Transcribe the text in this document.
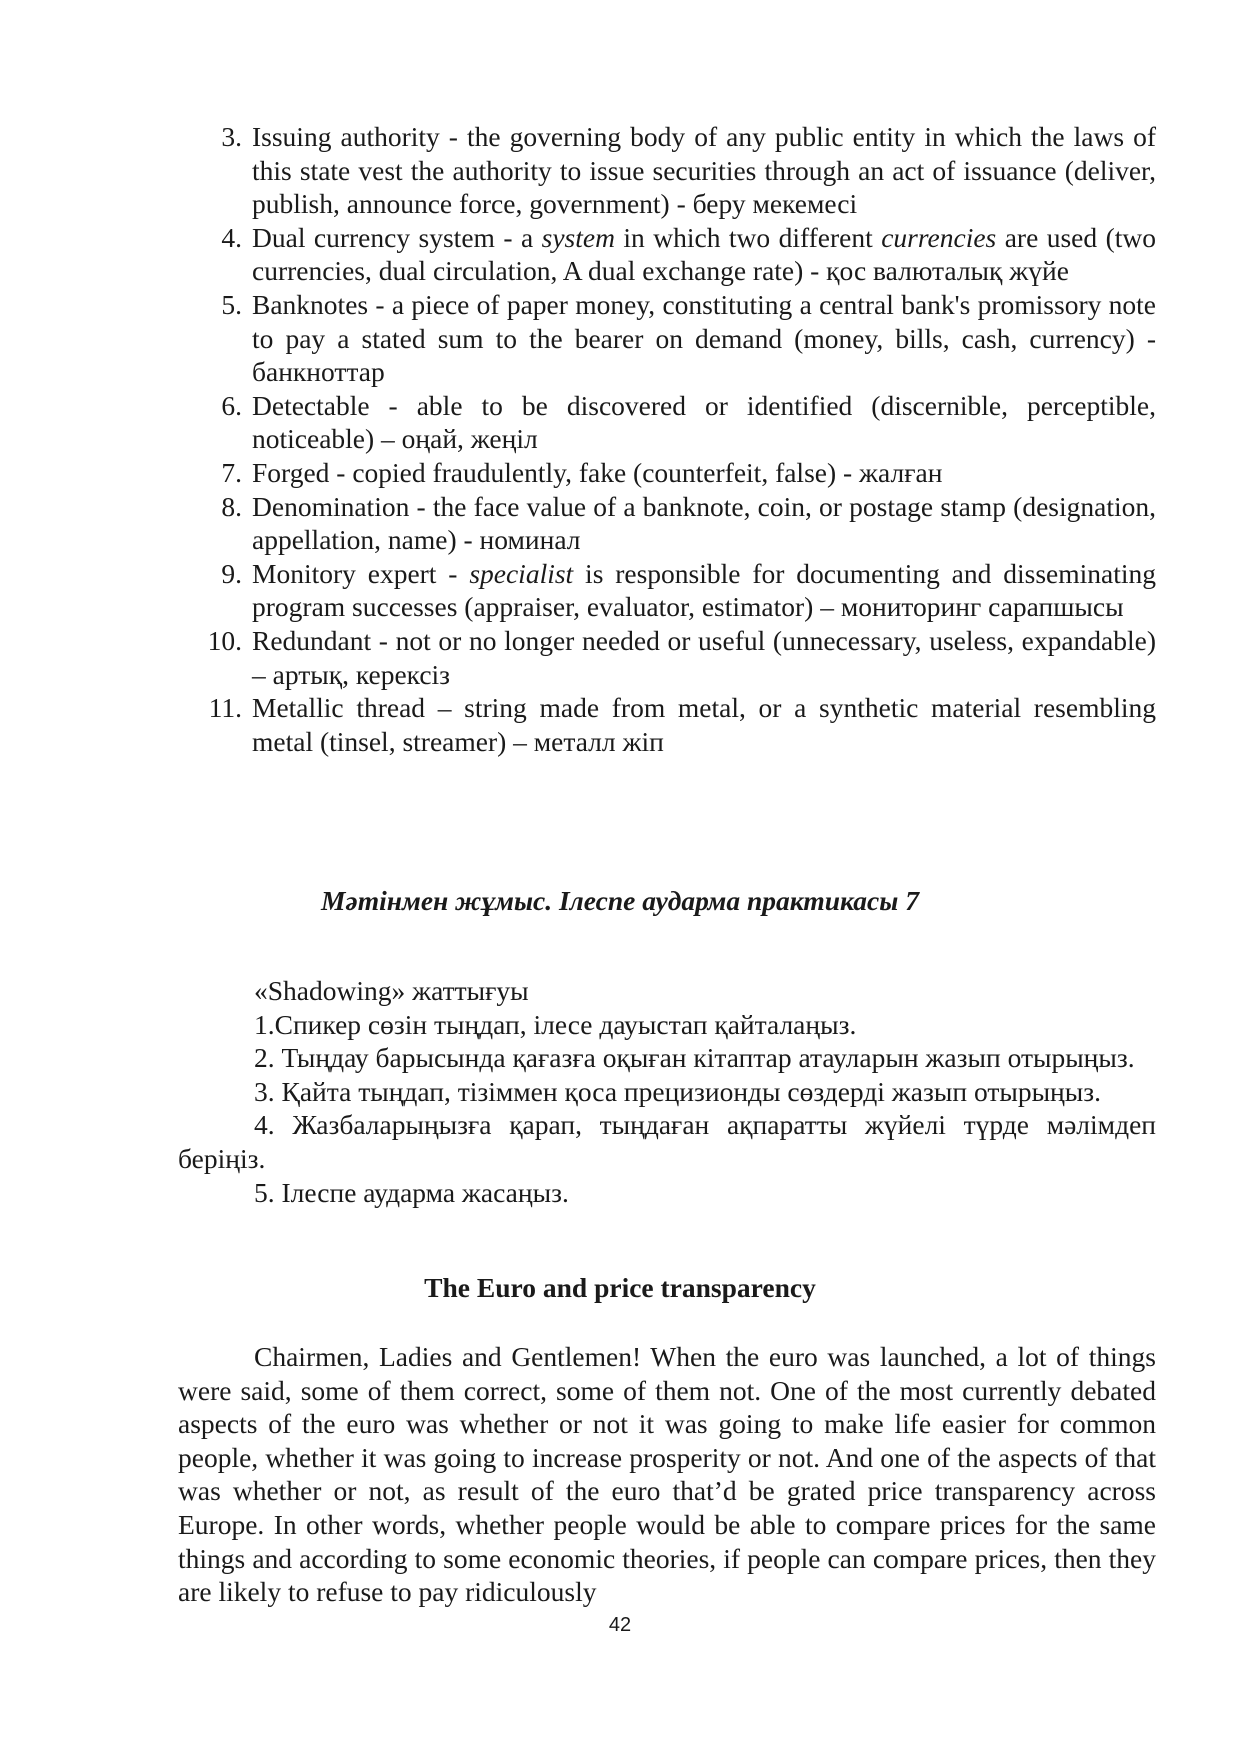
3. Issuing authority - the governing body of any public entity in which the laws of this state vest the authority to issue securities through an act of issuance (deliver, publish, announce force, government) - беру мекемесі
4. Dual currency system - a system in which two different currencies are used (two currencies, dual circulation, A dual exchange rate) - қос валюталық жүйе
5. Banknotes - a piece of paper money, constituting a central bank's promissory note to pay a stated sum to the bearer on demand (money, bills, cash, currency) - банкноттар
6. Detectable - able to be discovered or identified (discernible, perceptible, noticeable) – оңай, жеңіл
7. Forged - copied fraudulently, fake (counterfeit, false) - жалған
8. Denomination - the face value of a banknote, coin, or postage stamp (designation, appellation, name) - номинал
9. Monitory expert - specialist is responsible for documenting and disseminating program successes (appraiser, evaluator, estimator) – мониторинг сарапшысы
10. Redundant - not or no longer needed or useful (unnecessary, useless, expandable) – артық, керексіз
11. Metallic thread – string made from metal, or a synthetic material resembling metal (tinsel, streamer) – металл жіп
Мәтінмен жұмыс. Ілеспе аударма практикасы 7

«Shadowing» жаттығуы

1.Спикер сөзін тыңдап, ілесе дауыстап қайталаңыз.

2. Тыңдау барысында қағазға оқыған кітаптар атауларын жазып отырыңыз.

3. Қайта тыңдап, тізіммен қоса прецизионды сөздерді жазып отырыңыз.

4. Жазбаларыңызға қарап, тыңдаған ақпаратты жүйелі түрде мәлімдеп беріңіз.

5. Ілеспе аударма жасаңыз.

The Euro and price transparency

Chairmen, Ladies and Gentlemen! When the euro was launched, a lot of things were said, some of them correct, some of them not. One of the most currently debated aspects of the euro was whether or not it was going to make life easier for common people, whether it was going to increase prosperity or not. And one of the aspects of that was whether or not, as result of the euro that’d be grated price transparency across Europe. In other words, whether people would be able to compare prices for the same things and according to some economic theories, if people can compare prices, then they are likely to refuse to pay ridiculously

42
